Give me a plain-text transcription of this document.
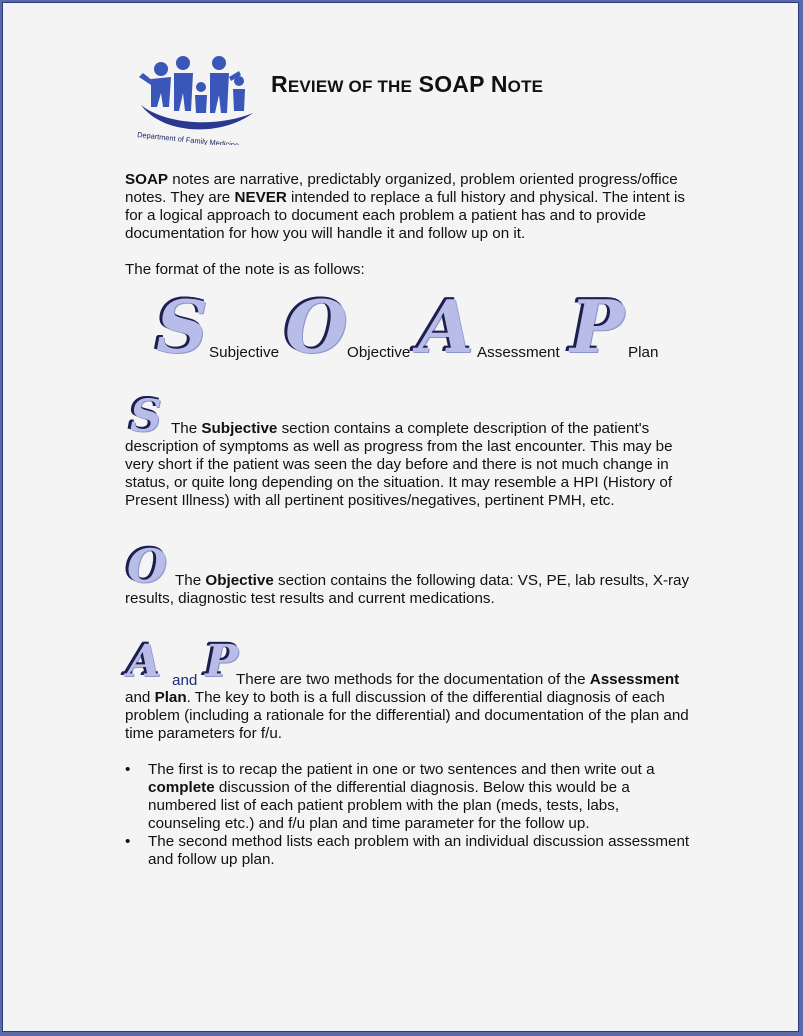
Department of Family Medicine
REVIEW OF THE SOAP NOTE
SOAP notes are narrative, predictably organized, problem oriented progress/office notes. They are NEVER intended to replace a full history and physical. The intent is for a logical approach to document each problem a patient has and to provide documentation for how you will handle it and follow up on it.
The format of the note is as follows:
S Subjective O Objective A Assessment P Plan
S The Subjective section contains a complete description of the patient's description of symptoms as well as progress from the last encounter. This may be very short if the patient was seen the day before and there is not much change in status, or quite long depending on the situation. It may resemble a HPI (History of Present Illness) with all pertinent positives/negatives, pertinent PMH, etc.
O The Objective section contains the following data: VS, PE, lab results, X-ray results, diagnostic test results and current medications.
A and P
There are two methods for the documentation of the Assessment and Plan. The key to both is a full discussion of the differential diagnosis of each problem (including a rationale for the differential) and documentation of the plan and time parameters for f/u.
• The first is to recap the patient in one or two sentences and then write out a complete discussion of the differential diagnosis. Below this would be a numbered list of each patient problem with the plan (meds, tests, labs, counseling etc.) and f/u plan and time parameter for the follow up.
• The second method lists each problem with an individual discussion assessment and follow up plan.
